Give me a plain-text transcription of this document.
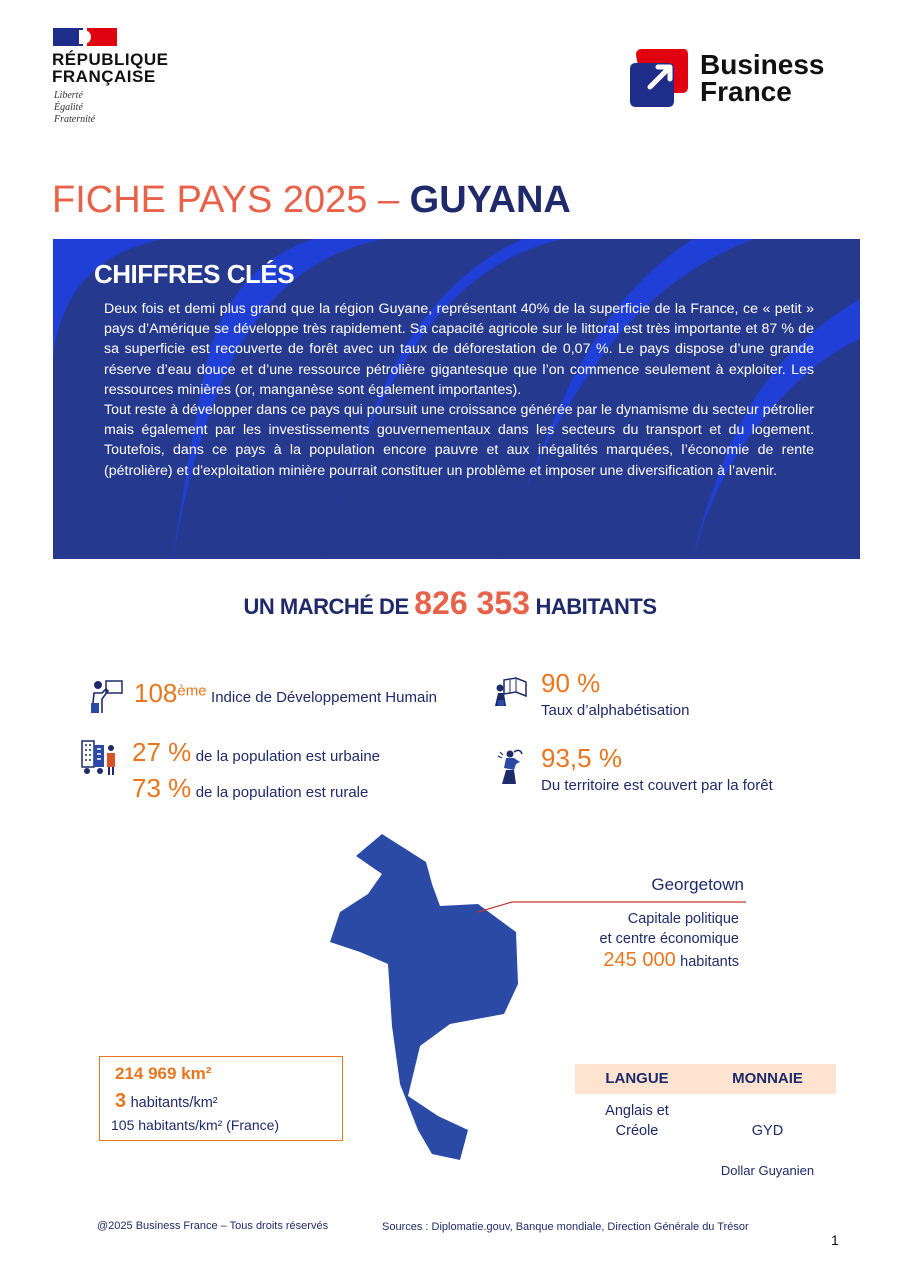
RÉPUBLIQUE
FRANÇAISE
Liberté
Égalité
Fraternité
Business
France
FICHE PAYS 2025 – GUYANA
CHIFFRES CLÉS

Deux fois et demi plus grand que la région Guyane, représentant 40% de la superficie de la France, ce « petit » pays d’Amérique se développe très rapidement. Sa capacité agricole sur le littoral est très importante et 87 % de sa superficie est recouverte de forêt avec un taux de déforestation de 0,07 %. Le pays dispose d’une grande réserve d’eau douce et d’une ressource pétrolière gigantesque que l’on commence seulement à exploiter. Les ressources minières (or, manganèse sont également importantes).

Tout reste à développer dans ce pays qui poursuit une croissance générée par le dynamisme du secteur pétrolier mais également par les investissements gouvernementaux dans les secteurs du transport et du logement. Toutefois, dans ce pays à la population encore pauvre et aux inégalités marquées, l’économie de rente (pétrolière) et d'exploitation minière pourrait constituer un problème et imposer une diversification à l’avenir.

UN MARCHÉ DE 826 353 HABITANTS
108ème Indice de Développement Humain	90 %
Taux d’alphabétisation
27 % de la population est urbaine
73 % de la population est rurale
93,5 %
Du territoire est couvert par la forêt
Georgetown
Capitale politique
et centre économique
245 000 habitants
214 969 km²
3 habitants/km²
105 habitants/km² (France)
LANGUE	MONNAIE
Anglais et
Créole	GYD

Dollar Guyanien

@2025 Business France – Tous droits réservés	Sources : Diplomatie.gouv, Banque mondiale, Direction Générale du Trésor
1
